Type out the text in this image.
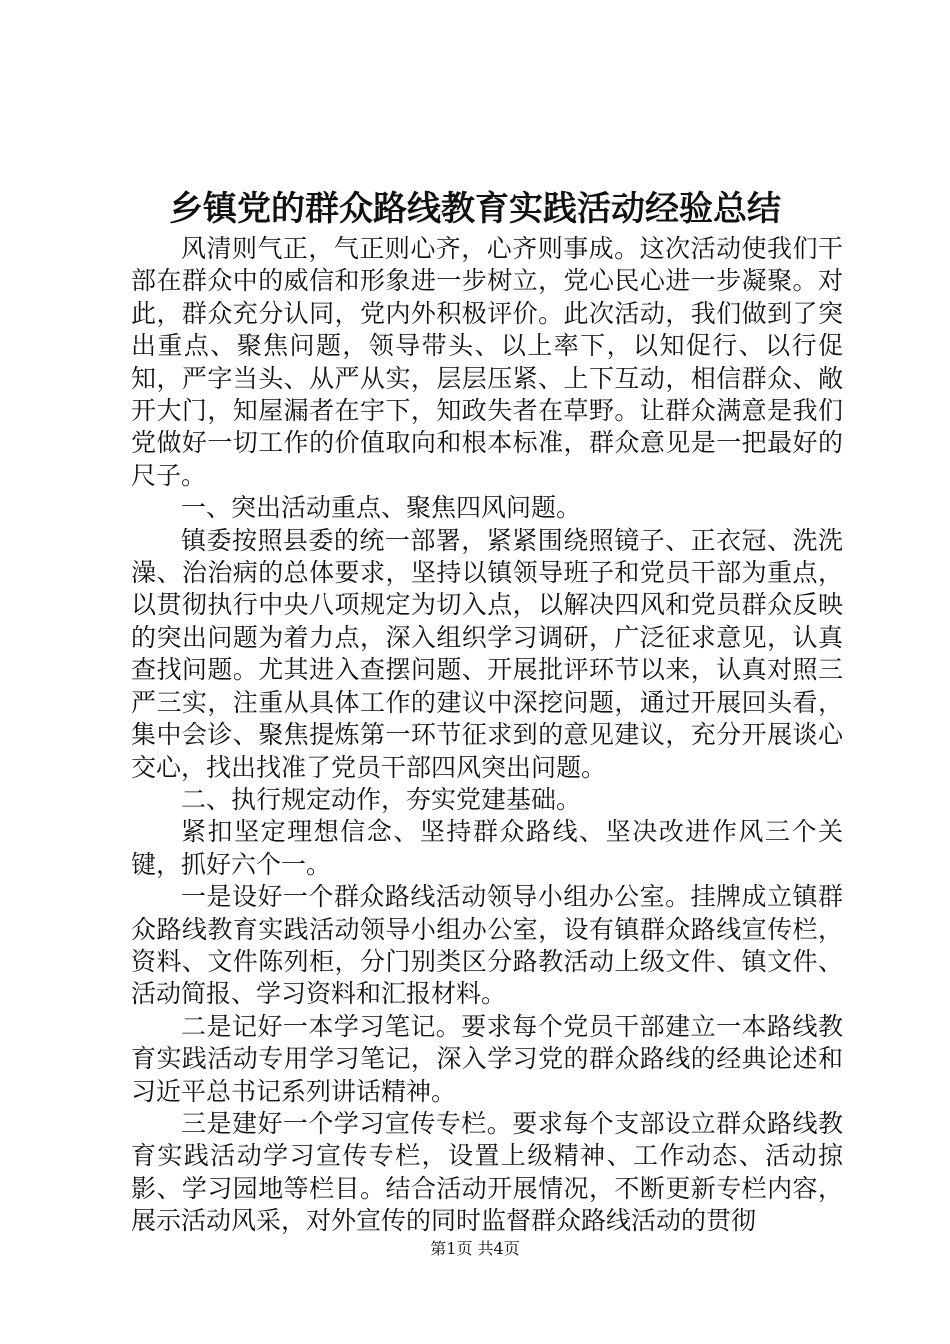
乡镇党的群众路线教育实践活动经验总结

风清则气正，气正则心齐，心齐则事成。这次活动使我们干部在群众中的威信和形象进一步树立，党心民心进一步凝聚。对此，群众充分认同，党内外积极评价。此次活动，我们做到了突出重点、聚焦问题，领导带头、以上率下，以知促行、以行促知，严字当头、从严从实，层层压紧、上下互动，相信群众、敞开大门，知屋漏者在宇下，知政失者在草野。让群众满意是我们党做好一切工作的价值取向和根本标准，群众意见是一把最好的尺子。

一、突出活动重点、聚焦四风问题。

镇委按照县委的统一部署，紧紧围绕照镜子、正衣冠、洗洗澡、治治病的总体要求，坚持以镇领导班子和党员干部为重点，以贯彻执行中央八项规定为切入点，以解决四风和党员群众反映的突出问题为着力点，深入组织学习调研，广泛征求意见，认真查找问题。尤其进入查摆问题、开展批评环节以来，认真对照三严三实，注重从具体工作的建议中深挖问题，通过开展回头看，集中会诊、聚焦提炼第一环节征求到的意见建议，充分开展谈心交心，找出找准了党员干部四风突出问题。

二、执行规定动作，夯实党建基础。

紧扣坚定理想信念、坚持群众路线、坚决改进作风三个关键，抓好六个一。

一是设好一个群众路线活动领导小组办公室。挂牌成立镇群众路线教育实践活动领导小组办公室，设有镇群众路线宣传栏，资料、文件陈列柜，分门别类区分路教活动上级文件、镇文件、活动简报、学习资料和汇报材料。

二是记好一本学习笔记。要求每个党员干部建立一本路线教育实践活动专用学习笔记，深入学习党的群众路线的经典论述和习近平总书记系列讲话精神。

三是建好一个学习宣传专栏。要求每个支部设立群众路线教育实践活动学习宣传专栏，设置上级精神、工作动态、活动掠影、学习园地等栏目。结合活动开展情况，不断更新专栏内容，展示活动风采，对外宣传的同时监督群众路线活动的贯彻

第1页 共4页
